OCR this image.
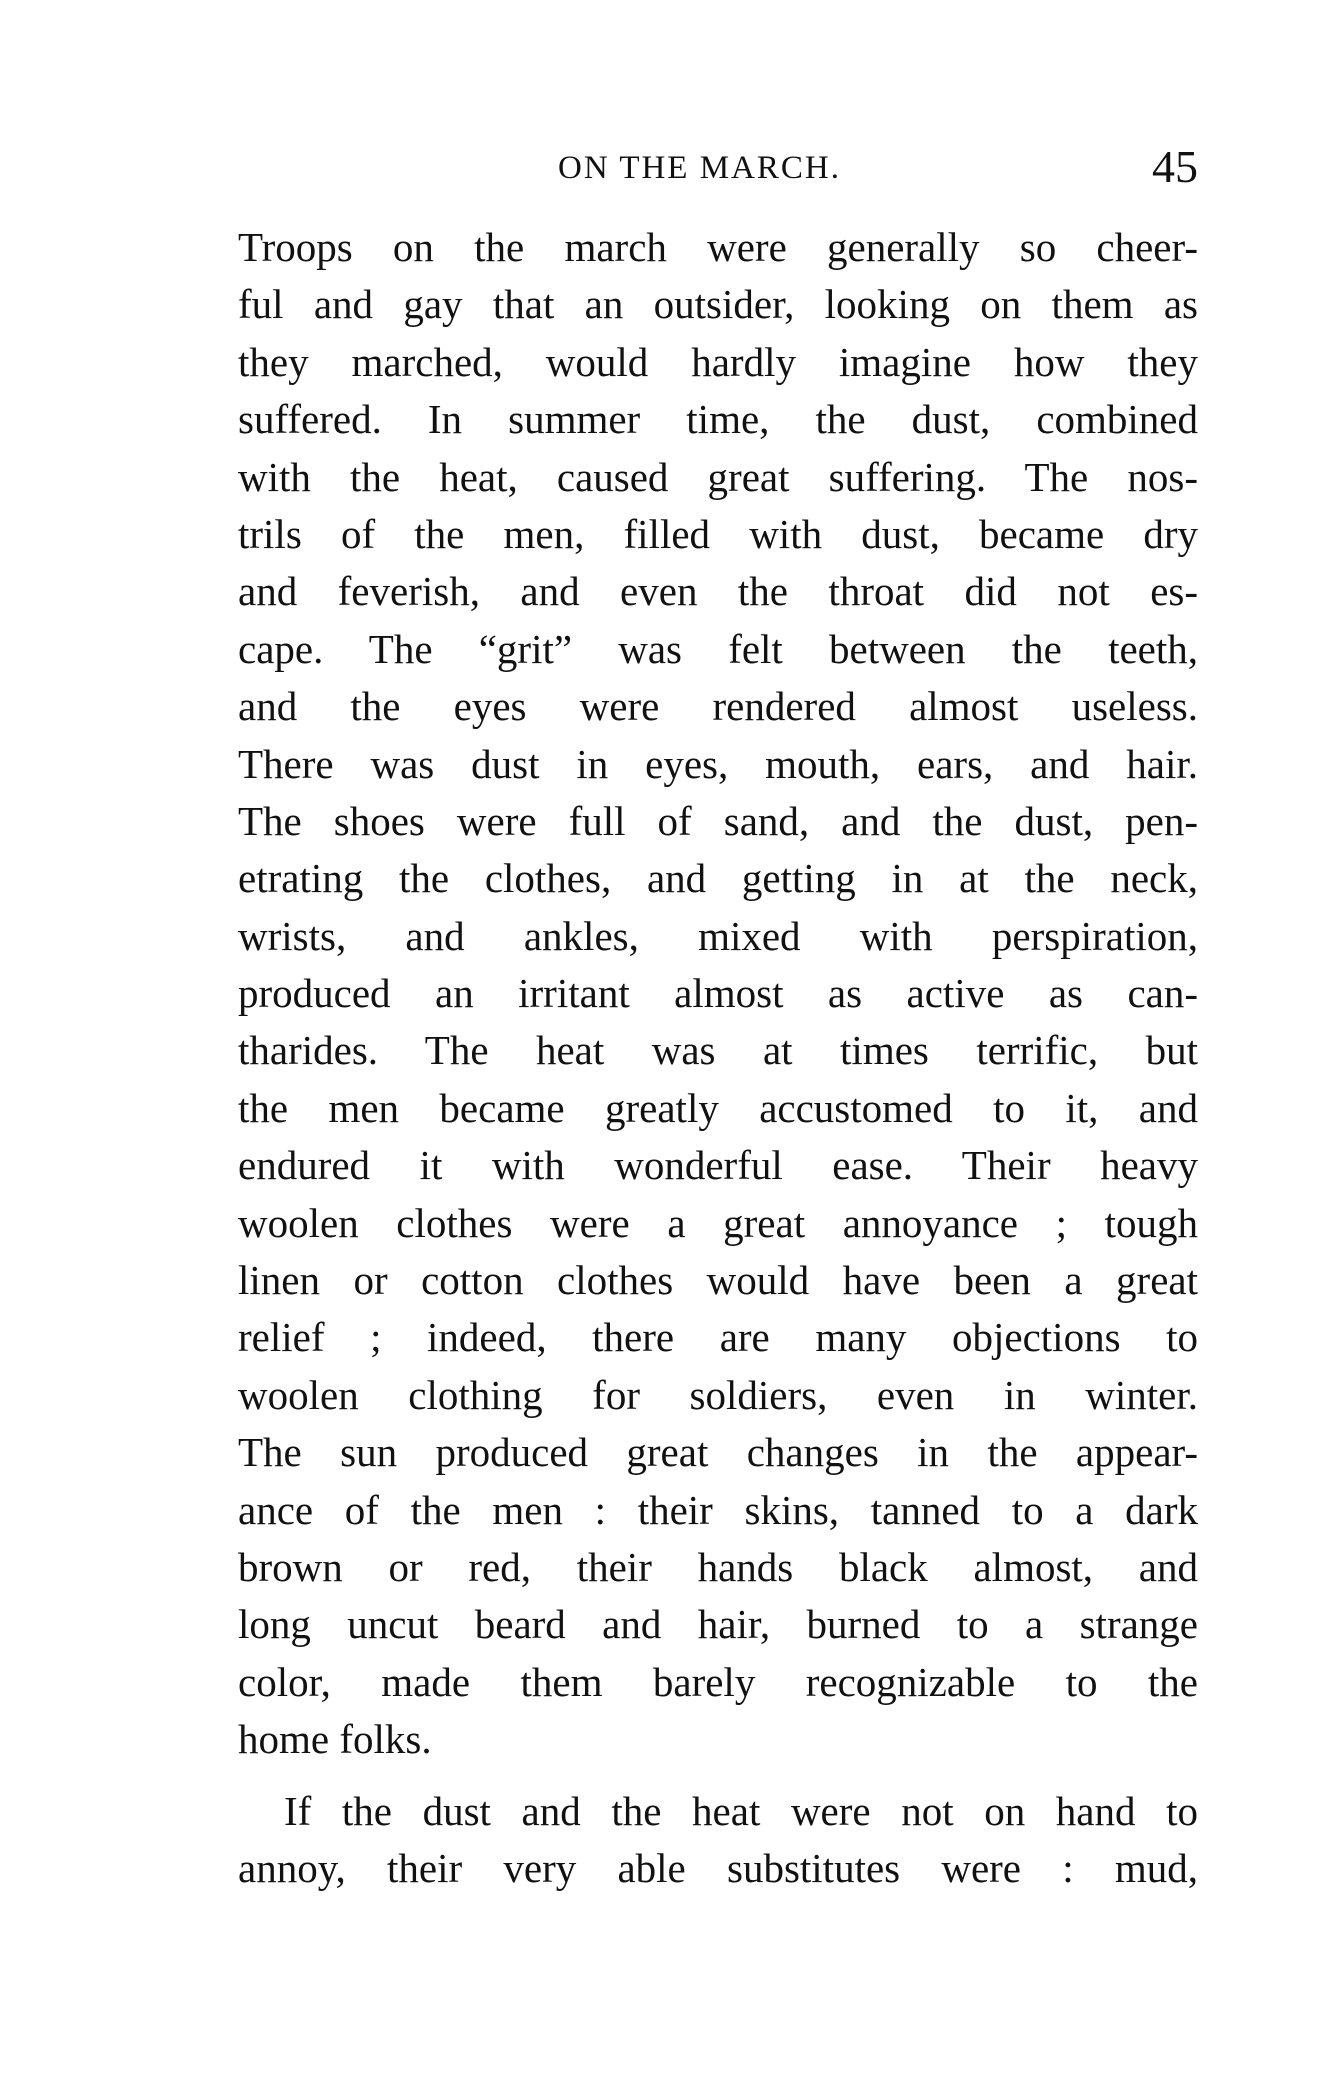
ON THE MARCH.	45
Troops on the march were generally so cheer-
ful and gay that an outsider, looking on them as
they marched, would hardly imagine how they
suffered. In summer time, the dust, combined
with the heat, caused great suffering. The nos-
trils of the men, filled with dust, became dry
and feverish, and even the throat did not es-
cape. The “grit” was felt between the teeth,
and the eyes were rendered almost useless.
There was dust in eyes, mouth, ears, and hair.
The shoes were full of sand, and the dust, pen-
etrating the clothes, and getting in at the neck,
wrists, and ankles, mixed with perspiration,
produced an irritant almost as active as can-
tharides. The heat was at times terrific, but
the men became greatly accustomed to it, and
endured it with wonderful ease. Their heavy
woolen clothes were a great annoyance ; tough
linen or cotton clothes would have been a great
relief ; indeed, there are many objections to
woolen clothing for soldiers, even in winter.
The sun produced great changes in the appear-
ance of the men : their skins, tanned to a dark
brown or red, their hands black almost, and
long uncut beard and hair, burned to a strange
color, made them barely recognizable to the
home folks.
If the dust and the heat were not on hand to
annoy, their very able substitutes were : mud,
